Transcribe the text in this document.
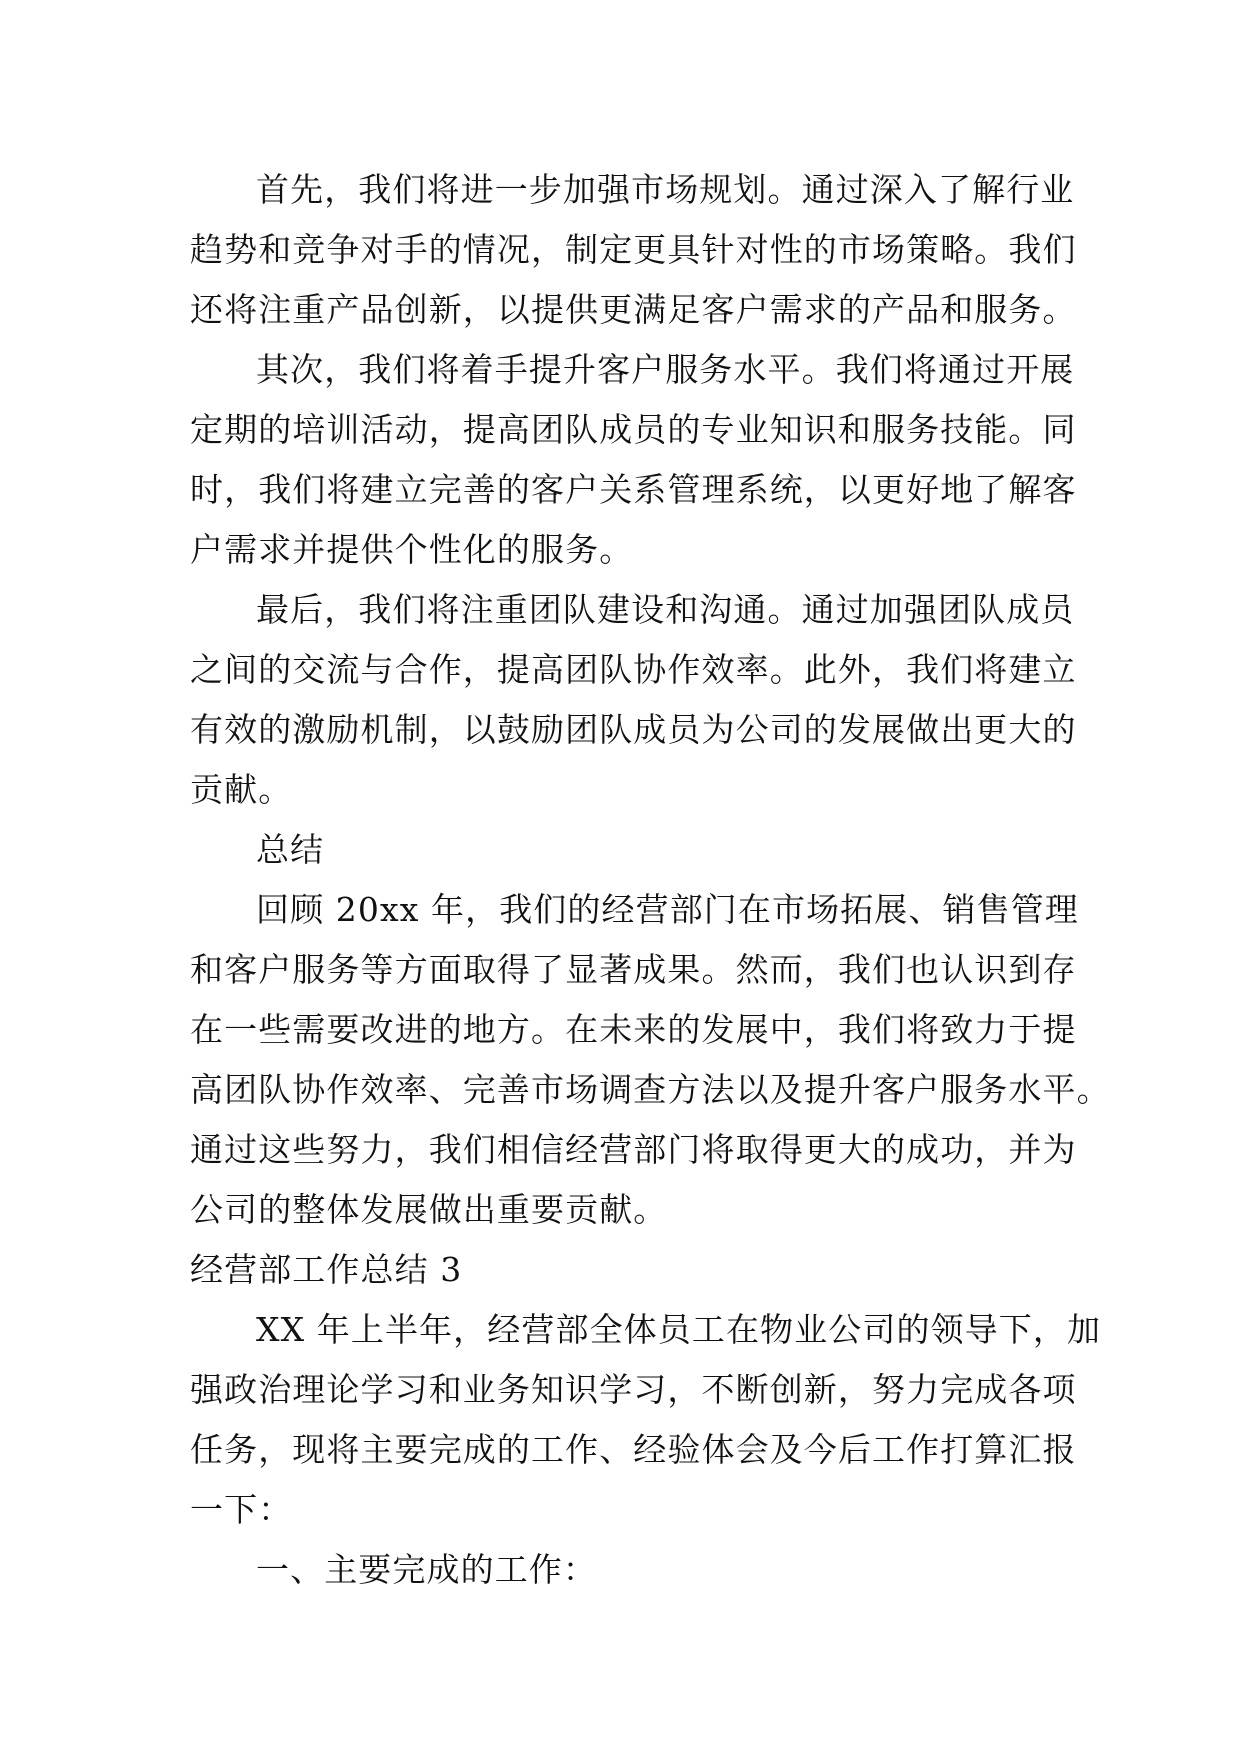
首先，我们将进一步加强市场规划。通过深入了解行业
趋势和竞争对手的情况，制定更具针对性的市场策略。我们
还将注重产品创新，以提供更满足客户需求的产品和服务。
其次，我们将着手提升客户服务水平。我们将通过开展
定期的培训活动，提高团队成员的专业知识和服务技能。同
时，我们将建立完善的客户关系管理系统，以更好地了解客
户需求并提供个性化的服务。
最后，我们将注重团队建设和沟通。通过加强团队成员
之间的交流与合作，提高团队协作效率。此外，我们将建立
有效的激励机制，以鼓励团队成员为公司的发展做出更大的
贡献。
总结
回顾 20xx 年，我们的经营部门在市场拓展、销售管理
和客户服务等方面取得了显著成果。然而，我们也认识到存
在一些需要改进的地方。在未来的发展中，我们将致力于提
高团队协作效率、完善市场调查方法以及提升客户服务水平。
通过这些努力，我们相信经营部门将取得更大的成功，并为
公司的整体发展做出重要贡献。
经营部工作总结 3
XX 年上半年，经营部全体员工在物业公司的领导下，加
强政治理论学习和业务知识学习，不断创新，努力完成各项
任务，现将主要完成的工作、经验体会及今后工作打算汇报
一下：
一、主要完成的工作：
